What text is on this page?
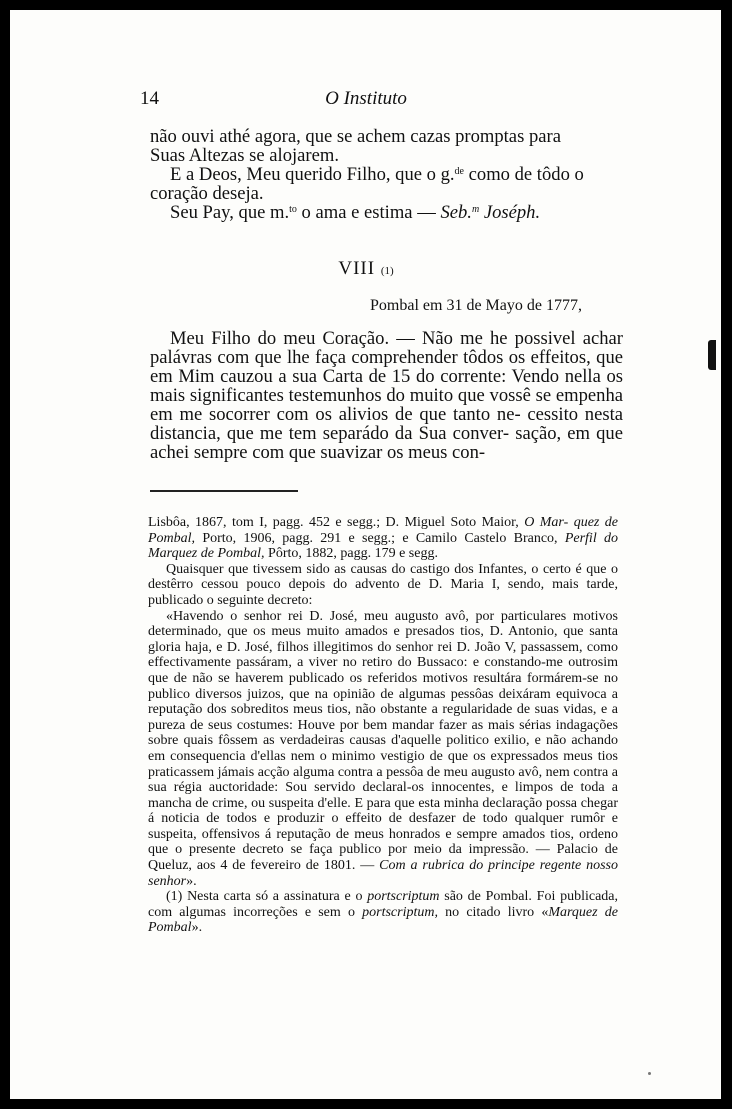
14	O Instituto

não ouvi athé agora, que se achem cazas promptas para

Suas Altezas se alojarem.

E a Deos, Meu querido Filho, que o g.$^{de}$ como de tôdo o

coração deseja.

Seu Pay, que m.$^{to}$ o ama e estima — Seb.$^m$ Joséph.

VIII (1)
Pombal em 31 de Mayo de 1777,

Meu Filho do meu Coração. — Não me he possivel achar palávras com que lhe faça comprehender tôdos os effeitos, que em Mim cauzou a sua Carta de 15 do corrente: Vendo nella os mais significantes testemunhos do muito que vossê se empenha em me socorrer com os alivios de que tanto ne- cessito nesta distancia, que me tem separádo da Sua conver- sação, em que achei sempre com que suavizar os meus con-

Lisbôa, 1867, tom I, pagg. 452 e segg.; D. Miguel Soto Maior, O Mar- quez de Pombal, Porto, 1906, pagg. 291 e segg.; e Camilo Castelo Branco, Perfil do Marquez de Pombal, Pôrto, 1882, pagg. 179 e segg.

Quaisquer que tivessem sido as causas do castigo dos Infantes, o certo é que o destêrro cessou pouco depois do advento de D. Maria I, sendo, mais tarde, publicado o seguinte decreto:

«Havendo o senhor rei D. José, meu augusto avô, por particulares motivos determinado, que os meus muito amados e presados tios, D. Antonio, que santa gloria haja, e D. José, filhos illegitimos do senhor rei D. João V, passassem, como effectivamente passáram, a viver no retiro do Bussaco: e constando-me outrosim que de não se haverem publicado os referidos motivos resultára formárem-se no publico diversos juizos, que na opinião de algumas pessôas deixáram equivoca a reputação dos sobreditos meus tios, não obstante a regularidade de suas vidas, e a pureza de seus costumes: Houve por bem mandar fazer as mais sérias indagações sobre quais fôssem as verdadeiras causas d'aquelle politico exilio, e não achando em consequencia d'ellas nem o minimo vestigio de que os expressados meus tios praticassem jámais acção alguma contra a pessôa de meu augusto avô, nem contra a sua régia auctoridade: Sou servido declaral-os innocentes, e limpos de toda a mancha de crime, ou suspeita d'elle. E para que esta minha declaração possa chegar á noticia de todos e produzir o effeito de desfazer de todo qualquer rumôr e suspeita, offensivos á reputação de meus honrados e sempre amados tios, ordeno que o presente decreto se faça publico por meio da impressão. — Palacio de Queluz, aos 4 de fevereiro de 1801. — Com a rubrica do principe regente nosso senhor».

(1) Nesta carta só a assinatura e o portscriptum são de Pombal. Foi publicada, com algumas incorreções e sem o portscriptum, no citado livro «Marquez de Pombal».
